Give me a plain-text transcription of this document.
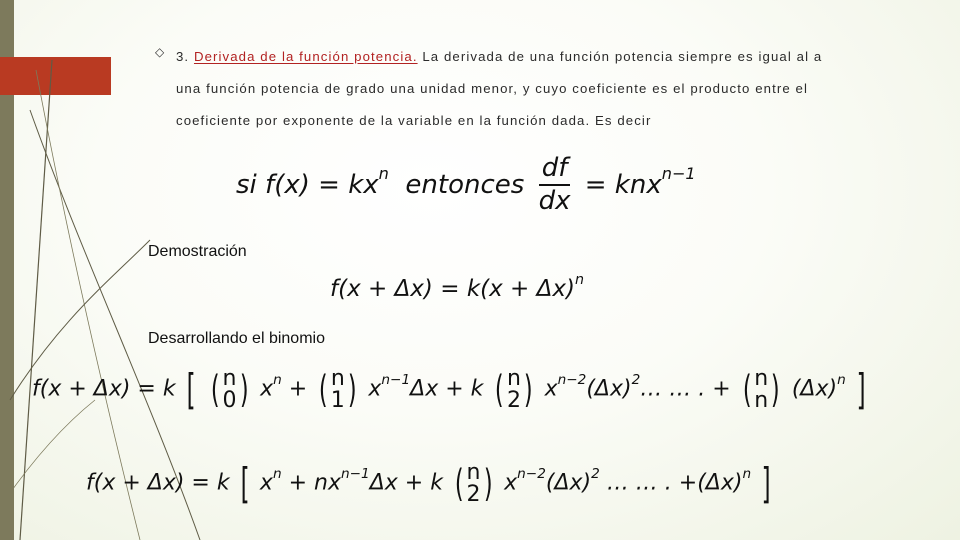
◇ 3. Derivada de la función potencia. La derivada de una función potencia siempre es igual al a una función potencia de grado una unidad menor, y cuyo coeficiente es el producto entre el coeficiente por exponente de la variable en la función dada. Es decir
si $f(x) = kx^n$ entonces $\frac{df}{dx} = knx^{n-1}$
Demostración
$f(x + \Delta x) = k(x + \Delta x)^n$
Desarrollando el binomio
f(x + Δx) = k [ ( n
0 ) $x^n$ + ( n
1 ) $x^{n-1}\Delta x + k$ ( n
2 ) $x^{n-2}(\Delta x)^2\dots$ … . + ( n
n ) $(\Delta x)^n$ ]
f(x + Δx) = k [ $x^n + nx^{n-1}\Delta x + k$ ( n
2 ) $x^{n-2}(\Delta x)^2$ … … . $+(\Delta x)^n$ ]
